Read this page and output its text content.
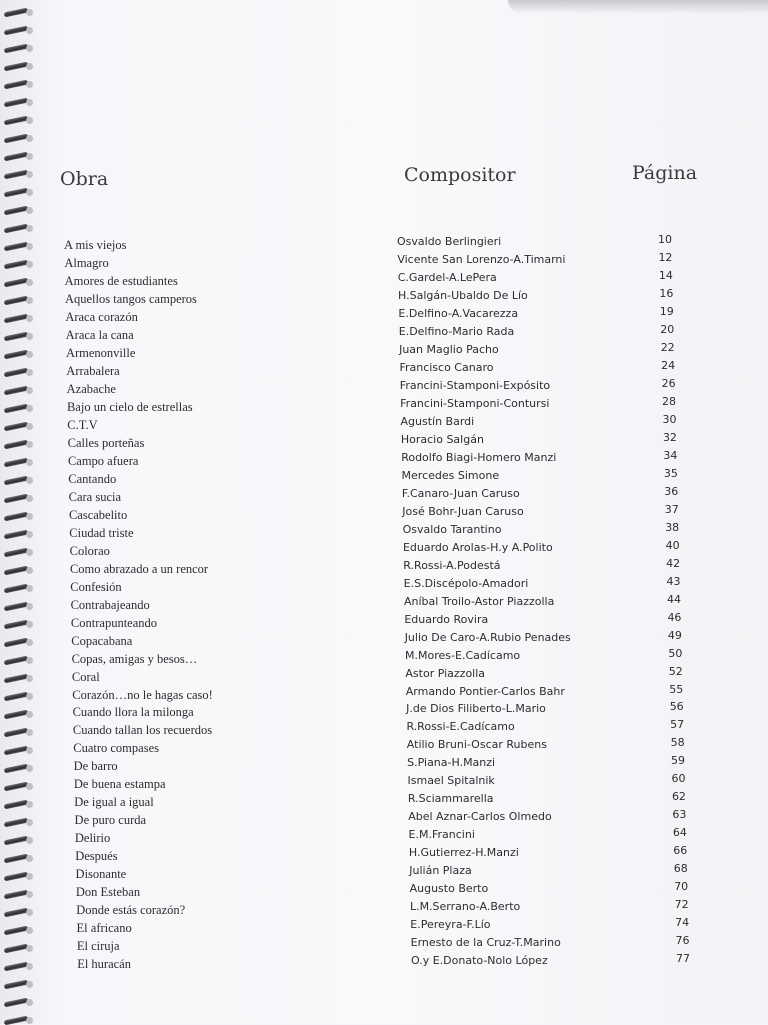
Obra	Compositor	Página
A mis viejos	Osvaldo Berlingieri	10
Almagro	Vicente San Lorenzo-A.Timarni	12
Amores de estudiantes	C.Gardel-A.LePera	14
Aquellos tangos camperos	H.Salgán-Ubaldo De Lío	16
Araca corazón	E.Delfino-A.Vacarezza	19
Araca la cana	E.Delfino-Mario Rada	20
Armenonville	Juan Maglio Pacho	22
Arrabalera	Francisco Canaro	24
Azabache	Francini-Stamponi-Expósito	26
Bajo un cielo de estrellas	Francini-Stamponi-Contursi	28
C.T.V	Agustín Bardi	30
Calles porteñas	Horacio Salgán	32
Campo afuera	Rodolfo Biagi-Homero Manzi	34
Cantando	Mercedes Simone	35
Cara sucia	F.Canaro-Juan Caruso	36
Cascabelito	José Bohr-Juan Caruso	37
Ciudad triste	Osvaldo Tarantino	38
Colorao	Eduardo Arolas-H.y A.Polito	40
Como abrazado a un rencor	R.Rossi-A.Podestá	42
Confesión	E.S.Discépolo-Amadori	43
Contrabajeando	Aníbal Troilo-Astor Piazzolla	44
Contrapunteando	Eduardo Rovira	46
Copacabana	Julio De Caro-A.Rubio Penades	49
Copas, amigas y besos…	M.Mores-E.Cadícamo	50
Coral	Astor Piazzolla	52
Corazón…no le hagas caso!	Armando Pontier-Carlos Bahr	55
Cuando llora la milonga	J.de Dios Filiberto-L.Mario	56
Cuando tallan los recuerdos	R.Rossi-E.Cadícamo	57
Cuatro compases	Atilio Bruni-Oscar Rubens	58
De barro	S.Piana-H.Manzi	59
De buena estampa	Ismael Spitalnik	60
De igual a igual	R.Sciammarella	62
De puro curda	Abel Aznar-Carlos Olmedo	63
Delirio	E.M.Francini	64
Después	H.Gutierrez-H.Manzi	66
Disonante	Julián Plaza	68
Don Esteban	Augusto Berto	70
Donde estás corazón?	L.M.Serrano-A.Berto	72
El africano	E.Pereyra-F.Lío	74
El ciruja	Ernesto de la Cruz-T.Marino	76
El huracán	O.y E.Donato-Nolo López	77
